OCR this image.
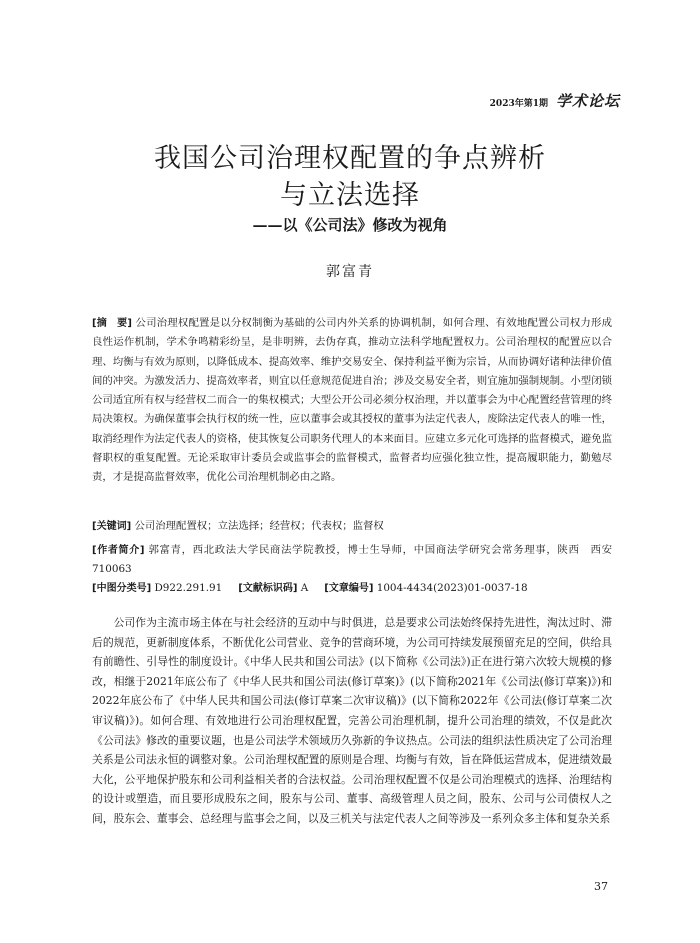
2023年第1期 学术论坛
我国公司治理权配置的争点辨析
与立法选择
——以《公司法》修改为视角
郭富青
[摘　要] 公司治理权配置是以分权制衡为基础的公司内外关系的协调机制，如何合理、有效地配置公司权力形成良性运作机制，学术争鸣精彩纷呈，是非明辨，去伪存真，推动立法科学地配置权力。公司治理权的配置应以合理、均衡与有效为原则，以降低成本、提高效率、维护交易安全、保持利益平衡为宗旨，从而协调好诸种法律价值间的冲突。为激发活力、提高效率者，则宜以任意规范促进自治；涉及交易安全者，则宜施加强制规制。小型闭锁公司适宜所有权与经营权二而合一的集权模式；大型公开公司必须分权治理，并以董事会为中心配置经营管理的终局决策权。为确保董事会执行权的统一性，应以董事会或其授权的董事为法定代表人，废除法定代表人的唯一性，取消经理作为法定代表人的资格，使其恢复公司职务代理人的本来面目。应建立多元化可选择的监督模式，避免监督职权的重复配置。无论采取审计委员会或监事会的监督模式，监督者均应强化独立性，提高履职能力，勤勉尽责，才是提高监督效率，优化公司治理机制必由之路。
[关键词] 公司治理配置权；立法选择；经营权；代表权；监督权
[作者简介] 郭富青，西北政法大学民商法学院教授，博士生导师，中国商法学研究会常务理事，陕西　西安　710063
[中图分类号] D922.291.91 [文献标识码] A [文章编号] 1004-4434(2023)01-0037-18
公司作为主流市场主体在与社会经济的互动中与时俱进，总是要求公司法始终保持先进性，淘汰过时、滞后的规范，更新制度体系，不断优化公司营业、竞争的营商环境，为公司可持续发展预留充足的空间，供给具有前瞻性、引导性的制度设计。《中华人民共和国公司法》(以下简称《公司法》)正在进行第六次较大规模的修改，相继于2021年底公布了《中华人民共和国公司法(修订草案)》(以下简称2021年《公司法(修订草案)》)和2022年底公布了《中华人民共和国公司法(修订草案二次审议稿)》(以下简称2022年《公司法(修订草案二次审议稿)》)。如何合理、有效地进行公司治理权配置，完善公司治理机制，提升公司治理的绩效，不仅是此次《公司法》修改的重要议题，也是公司法学术领域历久弥新的争议热点。公司法的组织法性质决定了公司治理关系是公司法永恒的调整对象。公司治理权配置的原则是合理、均衡与有效，旨在降低运营成本，促进绩效最大化，公平地保护股东和公司利益相关者的合法权益。公司治理权配置不仅是公司治理模式的选择、治理结构的设计或塑造，而且要形成股东之间，股东与公司、董事、高级管理人员之间，股东、公司与公司债权人之间，股东会、董事会、总经理与监事会之间，以及三机关与法定代表人之间等涉及一系列众多主体和复杂关系
37
